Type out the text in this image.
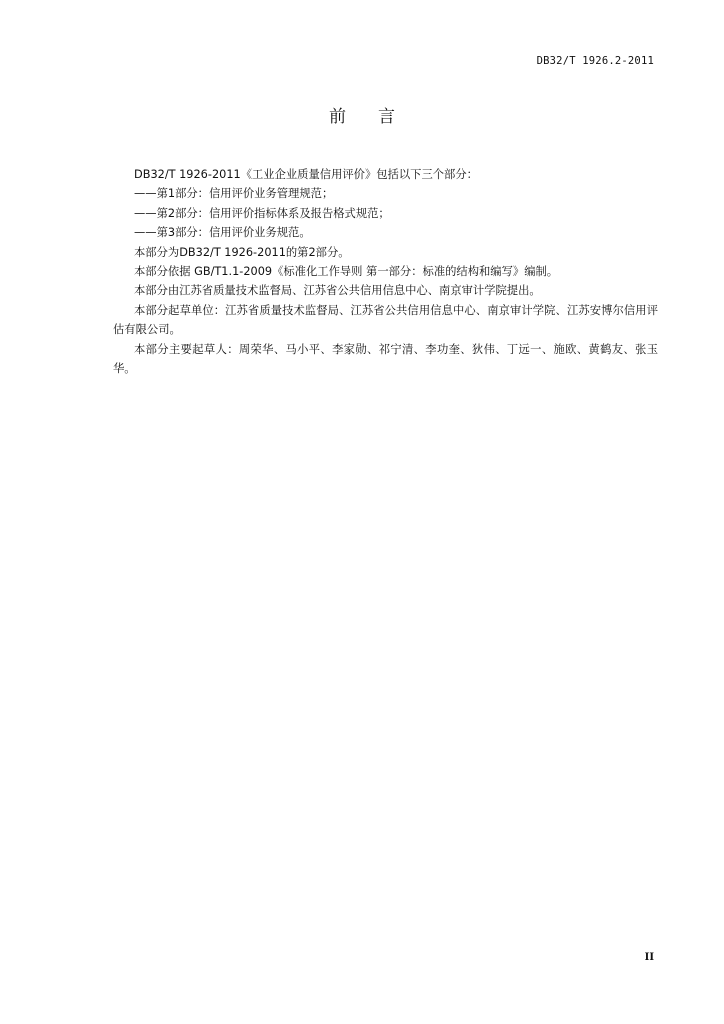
DB32/T 1926.2-2011
前 言

DB32/T 1926-2011《工业企业质量信用评价》包括以下三个部分：

——第1部分：信用评价业务管理规范；

——第2部分：信用评价指标体系及报告格式规范；

——第3部分：信用评价业务规范。

本部分为DB32/T 1926-2011的第2部分。

本部分依据 GB/T1.1-2009《标准化工作导则 第一部分：标准的结构和编写》编制。

本部分由江苏省质量技术监督局、江苏省公共信用信息中心、南京审计学院提出。

本部分起草单位：江苏省质量技术监督局、江苏省公共信用信息中心、南京审计学院、江苏安博尔信用评估有限公司。

本部分主要起草人：周荣华、马小平、李家勋、祁宁清、李功奎、狄伟、丁远一、施欧、黄鹤友、张玉华。

II
